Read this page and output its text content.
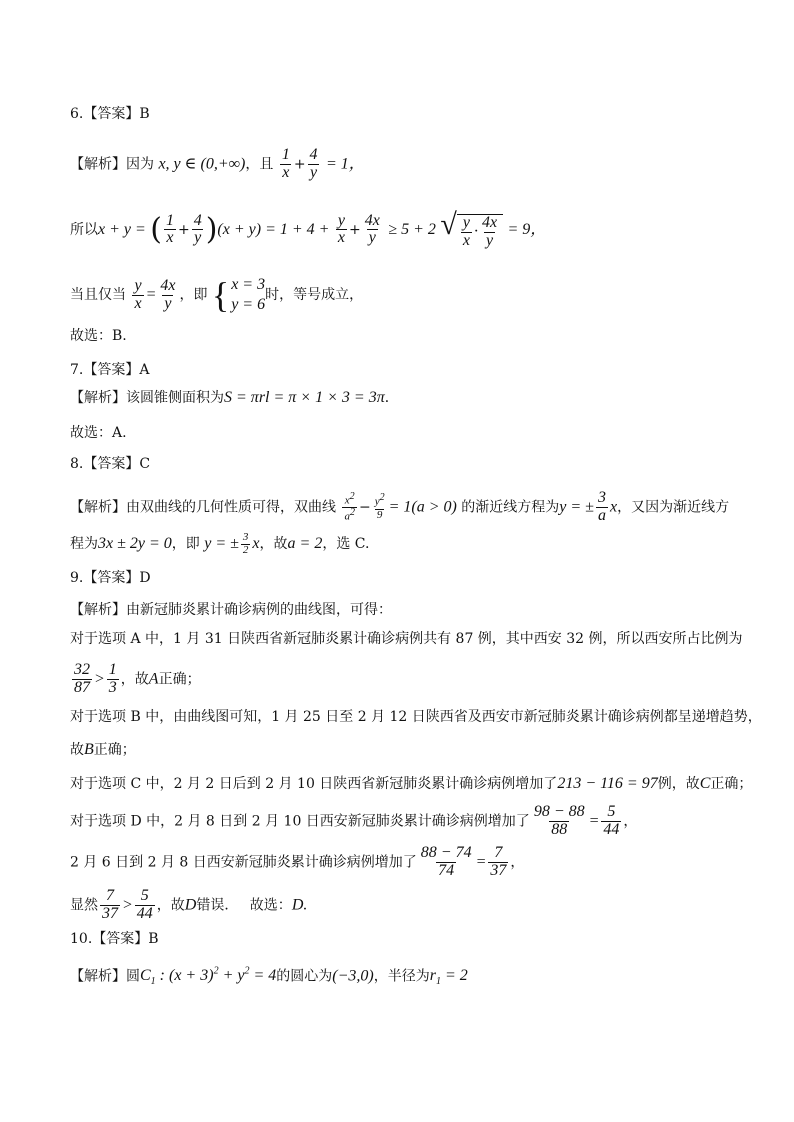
6.【答案】B
【解析】因为 x, y ∈ (0,+∞)，且 $\frac{1}{x} + \frac{4}{y} = 1$，
所以x + y = ( $\frac{1}{x} + \frac{4}{y} )(x + y) = 1 + 4 + \frac{y}{x} + \frac{4x}{y} \ge 5 + 2$ √ $\frac{y}{x} \cdot \frac{4x}{y} = 9$，
当且仅当 $\frac{y}{x} = \frac{4x}{y}$ ，即 { x = 3
y = 6
时，等号成立，
故选：B.
7.【答案】A
【解析】该圆锥侧面积为S = πrl = π × 1 × 3 = 3π．
故选：A.
8.【答案】C
【解析】由双曲线的几何性质可得，双曲线 $\frac{x^2}{a^2} - \frac{y^2}{9} = 1(a > 0)$ 的渐近线方程为y = ± $\frac{3}{a}$ x，又因为渐近线方
程为3x ± 2y = 0，即 y = ± $\frac{3}{2}$ x，故a = 2，选 C.
9.【答案】D
【解析】由新冠肺炎累计确诊病例的曲线图，可得：
对于选项 A 中，1 月 31 日陕西省新冠肺炎累计确诊病例共有 87 例，其中西安 32 例，所以西安所占比例为
$\frac{32}{87} > \frac{1}{3}$ ，故A正确；
对于选项 B 中，由曲线图可知，1 月 25 日至 2 月 12 日陕西省及西安市新冠肺炎累计确诊病例都呈递增趋势，
故B正确；
对于选项 C 中，2 月 2 日后到 2 月 10 日陕西省新冠肺炎累计确诊病例增加了213 − 116 = 97例，故C正确；
对于选项 D 中，2 月 8 日到 2 月 10 日西安新冠肺炎累计确诊病例增加了 $\frac{98 - 88}{88} = \frac{5}{44}$ ，
2 月 6 日到 2 月 8 日西安新冠肺炎累计确诊病例增加了 $\frac{88 - 74}{74} = \frac{7}{37}$ ，
显然 $\frac{7}{37} > \frac{5}{44}$ ，故D错误．　 故选：D.
10.【答案】B
【解析】圆$C_1$ : $(x + 3)^2 + y^2 = 4$的圆心为(−3,0)，半径为$r_1 = 2$
